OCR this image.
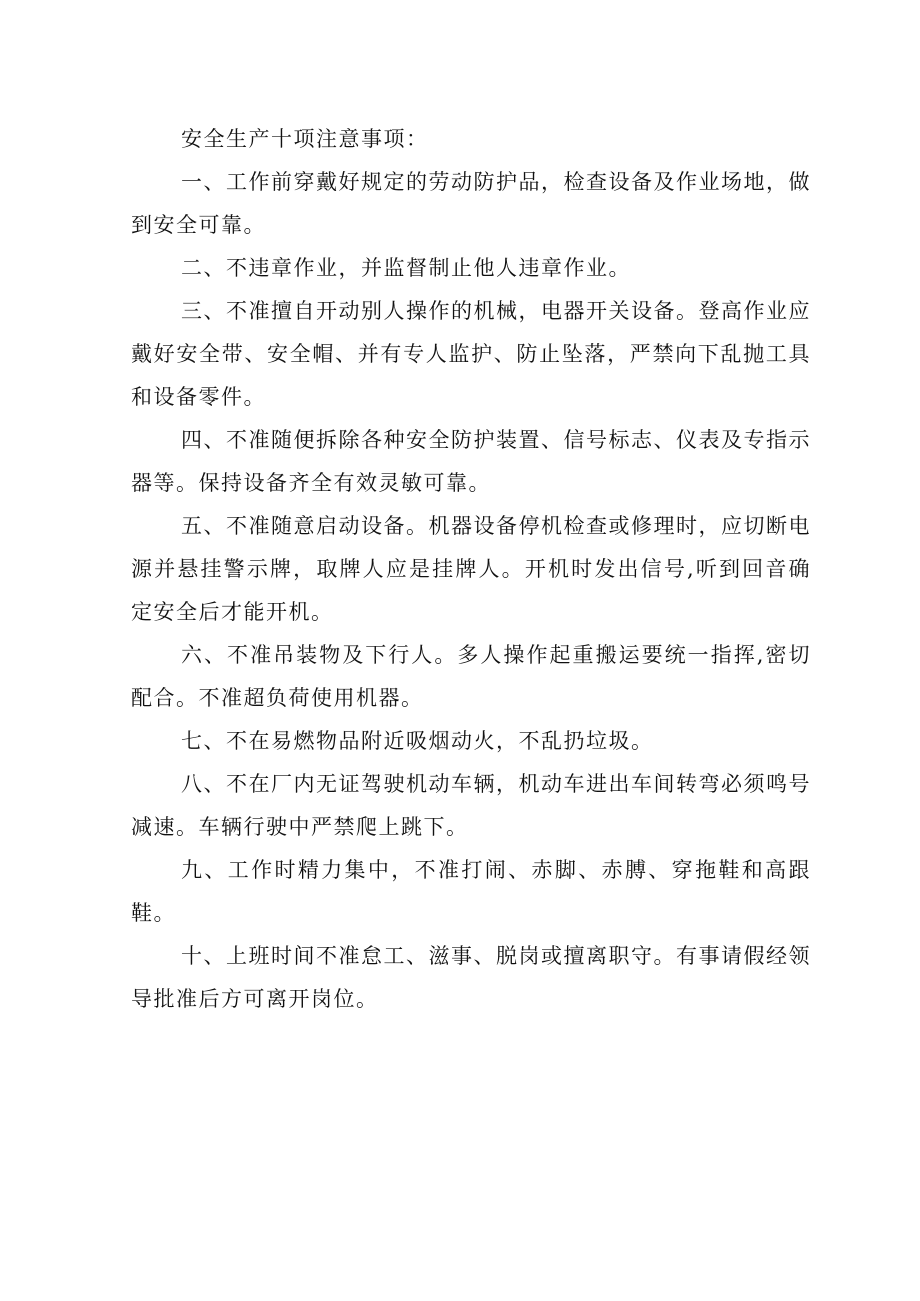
安全生产十项注意事项：

一、工作前穿戴好规定的劳动防护品，检查设备及作业场地，做到安全可靠。

二、不违章作业，并监督制止他人违章作业。

三、不准擅自开动别人操作的机械，电器开关设备。登高作业应戴好安全带、安全帽、并有专人监护、防止坠落，严禁向下乱抛工具和设备零件。

四、不准随便拆除各种安全防护装置、信号标志、仪表及专指示器等。保持设备齐全有效灵敏可靠。

五、不准随意启动设备。机器设备停机检查或修理时，应切断电源并悬挂警示牌，取牌人应是挂牌人。开机时发出信号,听到回音确定安全后才能开机。

六、不准吊装物及下行人。多人操作起重搬运要统一指挥,密切配合。不准超负荷使用机器。

七、不在易燃物品附近吸烟动火，不乱扔垃圾。

八、不在厂内无证驾驶机动车辆，机动车进出车间转弯必须鸣号减速。车辆行驶中严禁爬上跳下。

九、工作时精力集中，不准打闹、赤脚、赤膊、穿拖鞋和高跟鞋。

十、上班时间不准怠工、滋事、脱岗或擅离职守。有事请假经领导批准后方可离开岗位。
